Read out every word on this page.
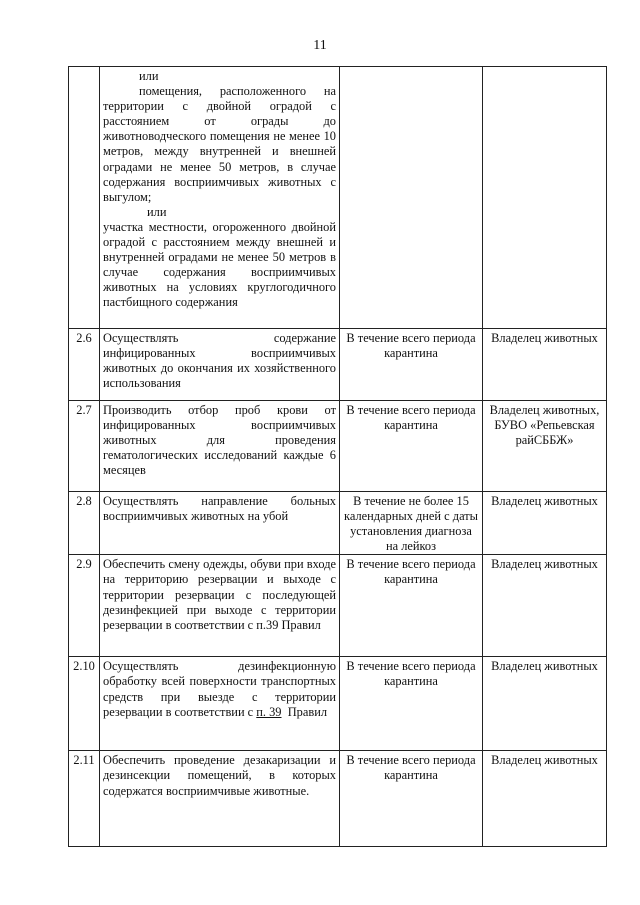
11

	или
помещения, расположенного на территории с двойной оградой с расстоянием от ограды до животноводческого помещения не менее 10 метров, между внутренней и внешней оградами не менее 50 метров, в случае содержания восприимчивых животных с выгулом;
или
участка местности, огороженного двойной оградой с расстоянием между внешней и внутренней оградами не менее 50 метров в случае содержания восприимчивых животных на условиях круглогодичного пастбищного содержания		

2.6	Осуществлять содержание инфицированных восприимчивых животных до окончания их хозяйственного использования	В течение всего периода карантина	Владелец животных
2.7	Производить отбор проб крови от инфицированных восприимчивых животных для проведения гематологических исследований каждые 6 месяцев	В течение всего периода карантина	Владелец животных, БУВО «Репьевская райСББЖ»
2.8	Осуществлять направление больных восприимчивых животных на убой	В течение не более 15 календарных дней с даты установления диагноза на лейкоз	Владелец животных
2.9	Обеспечить смену одежды, обуви при входе на территорию резервации и выходе с территории резервации с последующей дезинфекцией при выходе с территории резервации в соответствии с п.39 Правил	В течение всего периода карантина	Владелец животных
2.10	Осуществлять дезинфекционную обработку всей поверхности транспортных средств при выезде с территории резервации в соответствии с п. 39 Правил	В течение всего периода карантина	Владелец животных
2.11	Обеспечить проведение дезакаризации и дезинсекции помещений, в которых содержатся восприимчивые животные.	В течение всего периода карантина	Владелец животных
